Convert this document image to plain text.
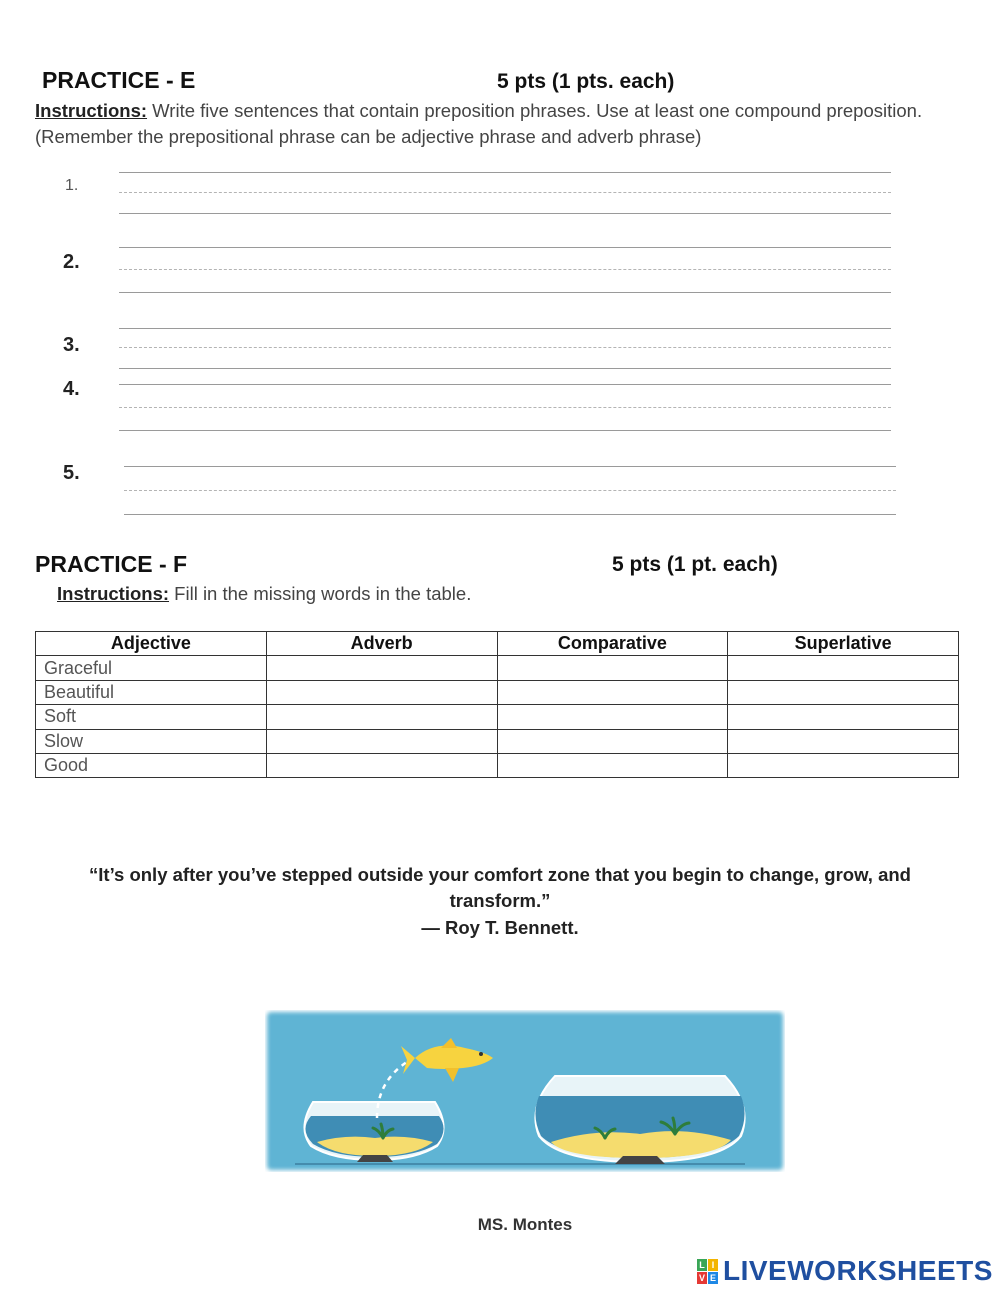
PRACTICE - E	5 pts (1 pts. each)
Instructions: Write five sentences that contain preposition phrases. Use at least one compound preposition. (Remember the prepositional phrase can be adjective phrase and adverb phrase)
1.
2.
3.
4.
5.
PRACTICE - F	5 pts (1 pt. each)
Instructions: Fill in the missing words in the table.
Adjective	Adverb	Comparative	Superlative
Graceful			
Beautiful			
Soft			
Slow			
Good			
“It’s only after you’ve stepped outside your comfort zone that you begin to change, grow, and transform.”
― Roy T. Bennett.
MS. Montes
L I
V E LIVEWORKSHEETS
